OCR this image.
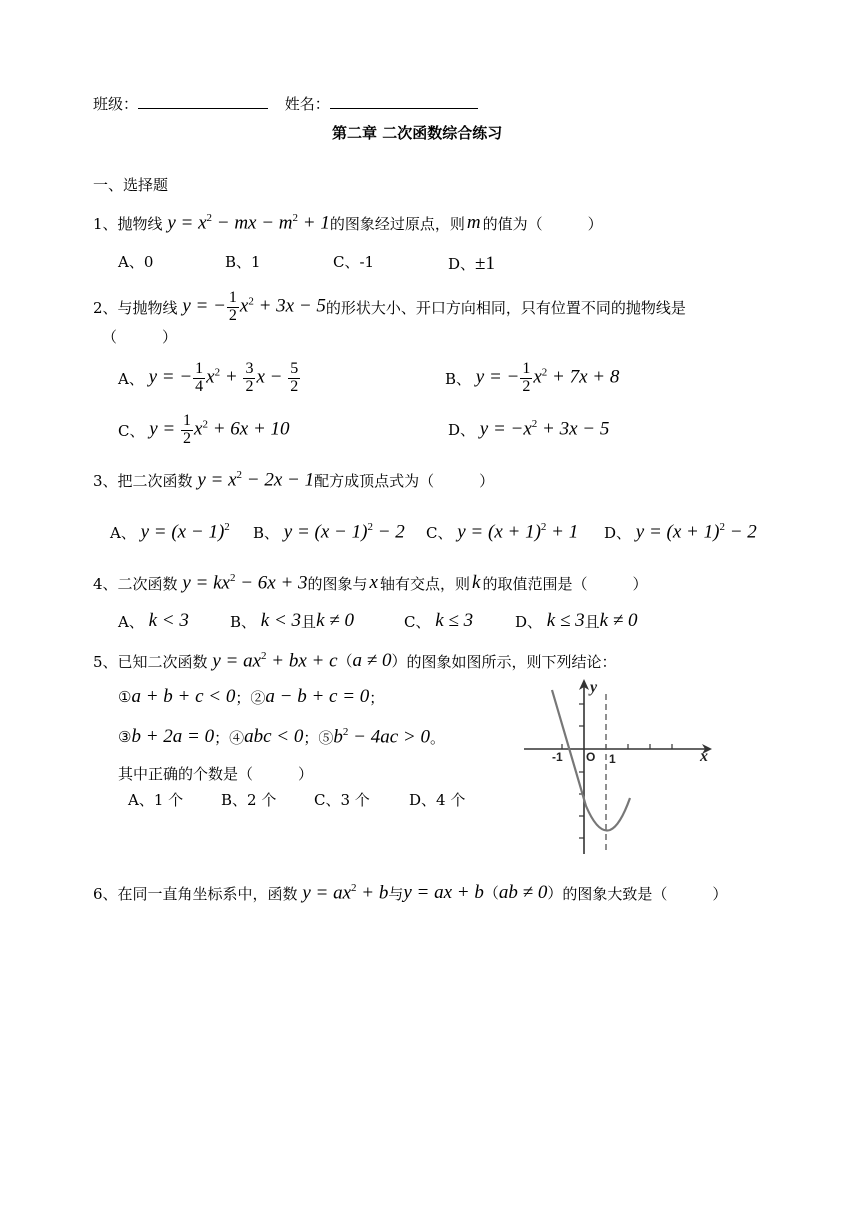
班级：	姓名：
第二章 二次函数综合练习
一、选择题
1、 抛物线 $y = x^2$ − mx − $m^2 + 1$ 的图象经过原点，则 m 的值为（　　　）
A、0	B、1	C、-1	D、±1
2、 与抛物线 y = − $\frac{1}{2} x^2 + 3x - 5$ 的形状大小、开口方向相同，只有位置不同的抛物线是
（　　　）
A、 y = − $\frac{1}{4} x^2 + \frac{3}{2}$ $x - \frac{5}{2}$	B、 y = − $\frac{1}{2} x^2 + 7x + 8$
C、 $y = \frac{1}{2} x^2 + 6x + 10$	D、 $y = -x^2 + 3x - 5$
3、 把二次函数 $y = x^2 - 2x - 1$ 配方成顶点式为（　　　）
A、 $y = (x - 1)^2$ B、 $y = (x - 1)^2 - 2$ C、 $y = (x + 1)^2 + 1$ D、 $y = (x + 1)^2 - 2$
4、 二次函数 $y = kx^2 - 6x + 3$ 的图象与 x 轴有交点，则 k 的取值范围是（　　　）
A、 k < 3	B、 k < 3 且 k ≠ 0	C、 k ≤ 3	D、 k ≤ 3 且 k ≠ 0
5、 已知二次函数 $y = ax^2$ + bx + c （a ≠ 0） 的图象如图所示，则下列结论：
① a + b + c < 0 ；② a − b + c = 0 ；
③ b + 2a = 0 ；④ abc < 0 ；⑤ $b^2 - 4ac > 0$ 。
其中正确的个数是（　　　）
A、1 个	B、2 个	C、3 个	D、4 个
x
y
O
-1	1
6、 在同一直角坐标系中，函数 $y = ax^2 + b$ 与 y = ax + b （ab ≠ 0） 的图象大致是（　　　）
